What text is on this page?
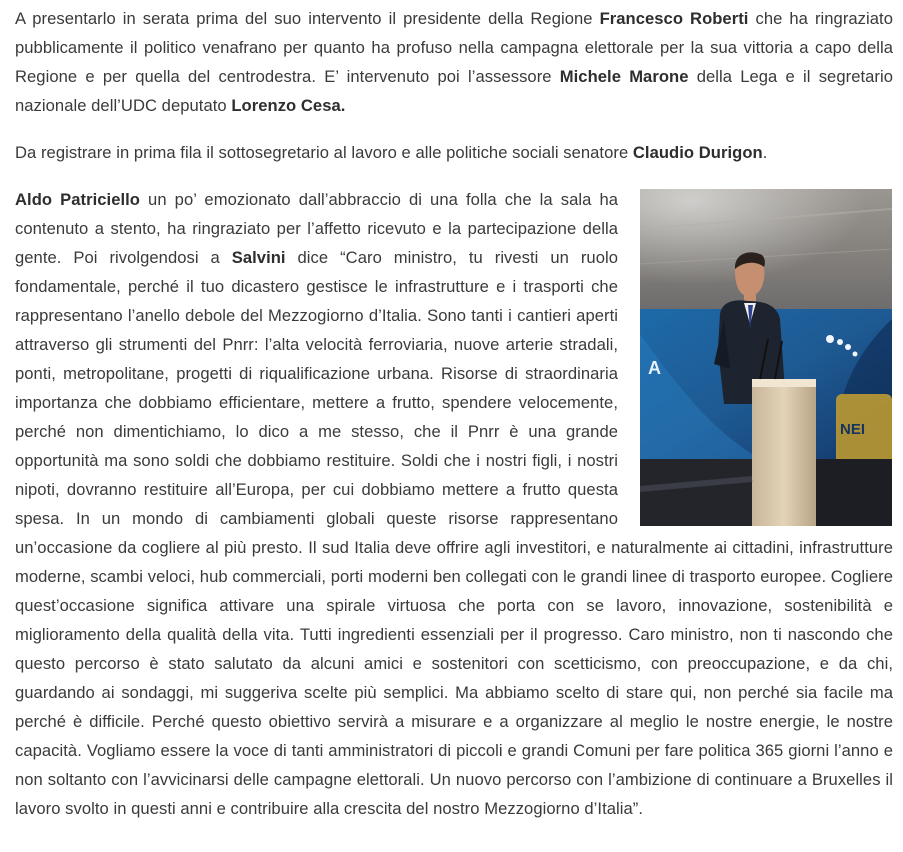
A presentarlo in serata prima del suo intervento il presidente della Regione Francesco Roberti che ha ringraziato pubblicamente il politico venafrano per quanto ha profuso nella campagna elettorale per la sua vittoria a capo della Regione e per quella del centrodestra. E’ intervenuto poi l’assessore Michele Marone della Lega e il segretario nazionale dell’UDC deputato Lorenzo Cesa.

Da registrare in prima fila il sottosegretario al lavoro e alle politiche sociali senatore Claudio Durigon.

A
NEI
Aldo Patriciello un po’ emozionato dall’abbraccio di una folla che la sala ha contenuto a stento, ha ringraziato per l’affetto ricevuto e la partecipazione della gente. Poi rivolgendosi a Salvini dice “Caro ministro, tu rivesti un ruolo fondamentale, perché il tuo dicastero gestisce le infrastrutture e i trasporti che rappresentano l’anello debole del Mezzogiorno d’Italia. Sono tanti i cantieri aperti attraverso gli strumenti del Pnrr: l’alta velocità ferroviaria, nuove arterie stradali, ponti, metropolitane, progetti di riqualificazione urbana. Risorse di straordinaria importanza che dobbiamo efficientare, mettere a frutto, spendere velocemente, perché non dimentichiamo, lo dico a me stesso, che il Pnrr è una grande opportunità ma sono soldi che dobbiamo restituire. Soldi che i nostri figli, i nostri nipoti, dovranno restituire all’Europa, per cui dobbiamo mettere a frutto questa spesa. In un mondo di cambiamenti globali queste risorse rappresentano un’occasione da cogliere al più presto. Il sud Italia deve offrire agli investitori, e naturalmente ai cittadini, infrastrutture moderne, scambi veloci, hub commerciali, porti moderni ben collegati con le grandi linee di trasporto europee. Cogliere quest’occasione significa attivare una spirale virtuosa che porta con se lavoro, innovazione, sostenibilità e miglioramento della qualità della vita. Tutti ingredienti essenziali per il progresso. Caro ministro, non ti nascondo che questo percorso è stato salutato da alcuni amici e sostenitori con scetticismo, con preoccupazione, e da chi, guardando ai sondaggi, mi suggeriva scelte più semplici. Ma abbiamo scelto di stare qui, non perché sia facile ma perché è difficile. Perché questo obiettivo servirà a misurare e a organizzare al meglio le nostre energie, le nostre capacità. Vogliamo essere la voce di tanti amministratori di piccoli e grandi Comuni per fare politica 365 giorni l’anno e non soltanto con l’avvicinarsi delle campagne elettorali. Un nuovo percorso con l’ambizione di continuare a Bruxelles il lavoro svolto in questi anni e contribuire alla crescita del nostro Mezzogiorno d’Italia”.
